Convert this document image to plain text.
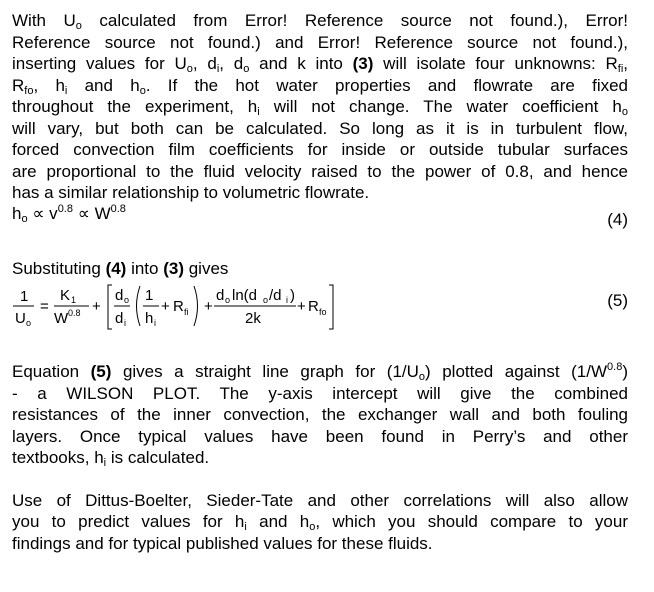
With $U_o$ calculated from Error! Reference source not found.), Error!
Reference source not found.) and Error! Reference source not found.),
inserting values for $U_o$, $d_i$, $d_o$ and k into (3) will isolate four unknowns: $R_{fi}$,
$R_{fo}$, $h_i$ and $h_o$. If the hot water properties and flowrate are fixed
throughout the experiment, $h_i$ will not change. The water coefficient $h_o$
will vary, but both can be calculated. So long as it is in turbulent flow,
forced convection film coefficients for inside or outside tubular surfaces
are proportional to the fluid velocity raised to the power of 0.8, and hence
has a similar relationship to volumetric flowrate.
$h_o \propto v^{0.8} \propto W^{0.8}$
(4)
Substituting (4) into (3) gives
1
U o
=
K 1
W 0.8 +
d o
d i
1
h i
+ R fi +
d o ln(d o /d i )
2k
+ R fo
(5)
Equation (5) gives a straight line graph for $(1/U_o)$ plotted against $(1/W^{0.8})$
- a WILSON PLOT. The y-axis intercept will give the combined
resistances of the inner convection, the exchanger wall and both fouling
layers. Once typical values have been found in Perry’s and other
textbooks, $h_i$ is calculated.
Use of Dittus-Boelter, Sieder-Tate and other correlations will also allow
you to predict values for $h_i$ and $h_o$, which you should compare to your
findings and for typical published values for these fluids.
